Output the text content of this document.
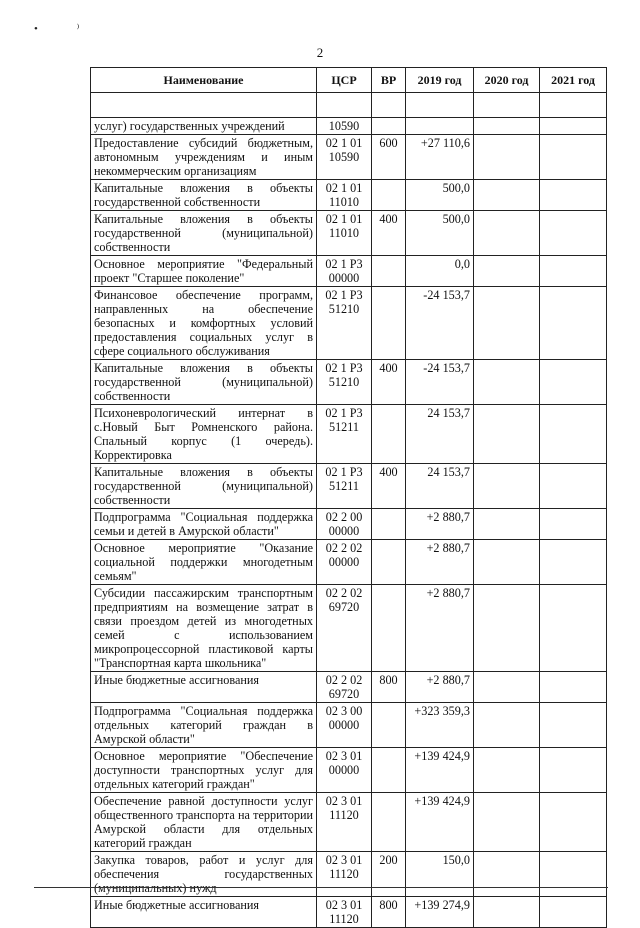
• ⁾
2
Наименование	ЦСР	ВР	2019 год	2020 год	2021 год

услуг) государственных учреждений	10590				
Предоставление субсидий бюджетным, автономным учреждениям и иным некоммерческим организациям	02 1 01 10590	600	+27 110,6		
Капитальные вложения в объекты государственной собственности	02 1 01 11010		500,0		
Капитальные вложения в объекты государственной (муниципальной) собственности	02 1 01 11010	400	500,0		
Основное мероприятие "Федеральный проект "Старшее поколение"	02 1 P3 00000		0,0		
Финансовое обеспечение программ, направленных на обеспечение безопасных и комфортных условий предоставления социальных услуг в сфере социального обслуживания	02 1 P3 51210		-24 153,7		
Капитальные вложения в объекты государственной (муниципальной) собственности	02 1 P3 51210	400	-24 153,7		
Психоневрологический интернат в с.Новый Быт Ромненского района. Спальный корпус (1 очередь). Корректировка	02 1 P3 51211		24 153,7		
Капитальные вложения в объекты государственной (муниципальной) собственности	02 1 P3 51211	400	24 153,7		
Подпрограмма "Социальная поддержка семьи и детей в Амурской области"	02 2 00 00000		+2 880,7		
Основное мероприятие "Оказание социальной поддержки многодетным семьям"	02 2 02 00000		+2 880,7		
Субсидии пассажирским транспортным предприятиям на возмещение затрат в связи проездом детей из многодетных семей с использованием микропроцессорной пластиковой карты "Транспортная карта школьника"	02 2 02 69720		+2 880,7		
Иные бюджетные ассигнования	02 2 02 69720	800	+2 880,7		
Подпрограмма "Социальная поддержка отдельных категорий граждан в Амурской области"	02 3 00 00000		+323 359,3		
Основное мероприятие "Обеспечение доступности транспортных услуг для отдельных категорий граждан"	02 3 01 00000		+139 424,9		
Обеспечение равной доступности услуг общественного транспорта на территории Амурской области для отдельных категорий граждан	02 3 01 11120		+139 424,9		
Закупка товаров, работ и услуг для обеспечения государственных (муниципальных) нужд	02 3 01 11120	200	150,0		
Иные бюджетные ассигнования	02 3 01 11120	800	+139 274,9		
